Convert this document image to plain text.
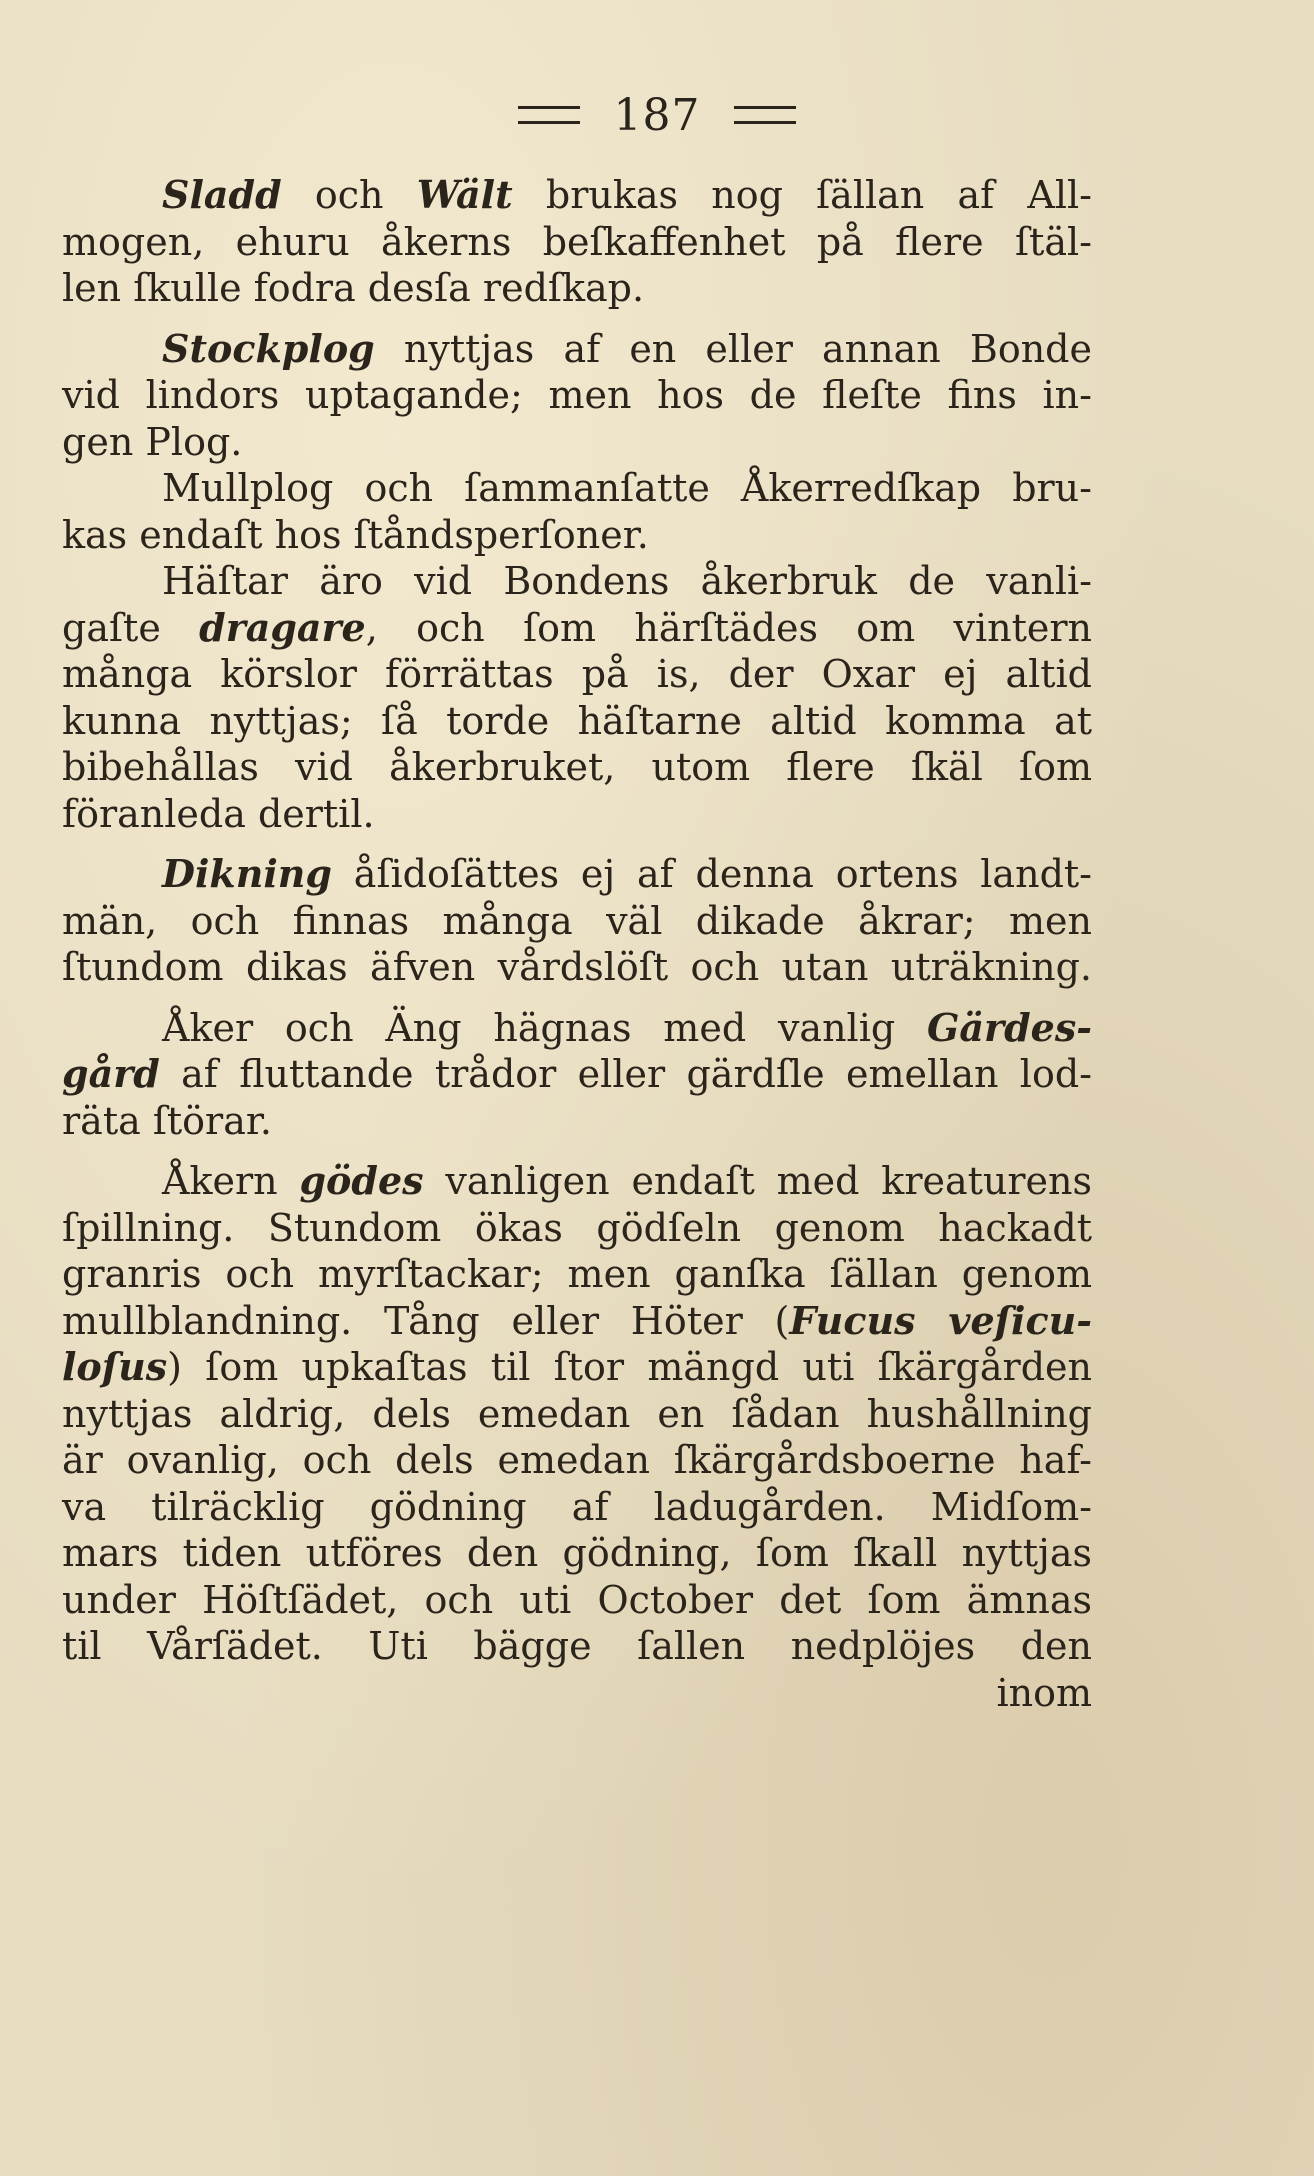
187
Sladd och Wält brukas nog ſällan af All-
mogen, ehuru åkerns beſkaffenhet på flere ſtäl-
len ſkulle fodra desſa redſkap.
Stockplog nyttjas af en eller annan Bonde
vid lindors uptagande; men hos de fleſte fins in-
gen Plog.
Mullplog och ſammanſatte Åkerredſkap bru-
kas endaſt hos ſtåndsperſoner.
Häſtar äro vid Bondens åkerbruk de vanli-
gaſte dragare, och ſom härſtädes om vintern
många körslor förrättas på is, der Oxar ej altid
kunna nyttjas; ſå torde häſtarne altid komma at
bibehållas vid åkerbruket, utom flere ſkäl ſom
föranleda dertil.
Dikning åſidoſättes ej af denna ortens landt-
män, och finnas många väl dikade åkrar; men
ſtundom dikas äfven vårdslöſt och utan uträkning.
Åker och Äng hägnas med vanlig Gärdes-
gård af fluttande trådor eller gärdſle emellan lod-
räta ſtörar.
Åkern gödes vanligen endaſt med kreaturens
ſpillning. Stundom ökas gödſeln genom hackadt
granris och myrſtackar; men ganſka ſällan genom
mullblandning. Tång eller Höter (Fucus veſicu-
loſus) ſom upkaſtas til ſtor mängd uti ſkärgården
nyttjas aldrig, dels emedan en ſådan hushållning
är ovanlig, och dels emedan ſkärgårdsboerne haf-
va tilräcklig gödning af ladugården. Midſom-
mars tiden utföres den gödning, ſom ſkall nyttjas
under Höſtſädet, och uti October det ſom ämnas
til Vårſädet. Uti bägge ſallen nedplöjes den
inom
